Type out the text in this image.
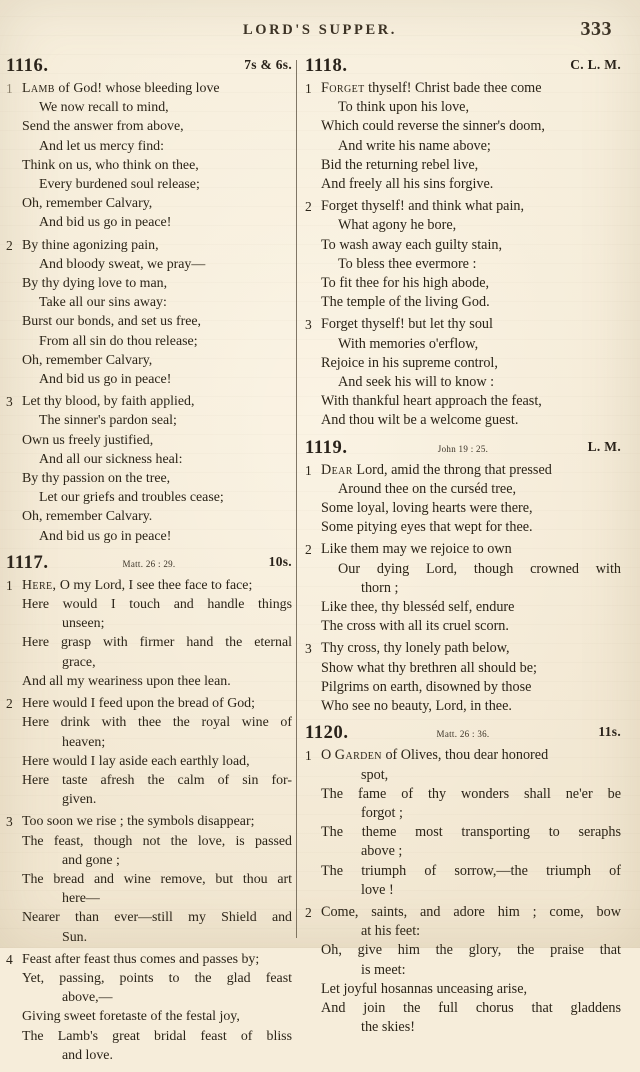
LORD'S SUPPER.	333
1116.	7s & 6s.
1 Lamb of God! whose bleeding love
We now recall to mind,
Send the answer from above,
And let us mercy find:
Think on us, who think on thee,
Every burdened soul release;
Oh, remember Calvary,
And bid us go in peace!
2 By thine agonizing pain,
And bloody sweat, we pray—
By thy dying love to man,
Take all our sins away:
Burst our bonds, and set us free,
From all sin do thou release;
Oh, remember Calvary,
And bid us go in peace!
3 Let thy blood, by faith applied,
The sinner's pardon seal;
Own us freely justified,
And all our sickness heal:
By thy passion on the tree,
Let our griefs and troubles cease;
Oh, remember Calvary.
And bid us go in peace!
1117.	Matt. 26 : 29.	10s.
1 Here, O my Lord, I see thee face to face;
Here would I touch and handle things
unseen;
Here grasp with firmer hand the eternal
grace,
And all my weariness upon thee lean.
2 Here would I feed upon the bread of God;
Here drink with thee the royal wine of
heaven;
Here would I lay aside each earthly load,
Here taste afresh the calm of sin for-
given.
3 Too soon we rise ; the symbols disappear;
The feast, though not the love, is passed
and gone ;
The bread and wine remove, but thou art
here—
Nearer than ever—still my Shield and
Sun.
4 Feast after feast thus comes and passes by;
Yet, passing, points to the glad feast
above,—
Giving sweet foretaste of the festal joy,
The Lamb's great bridal feast of bliss
and love.
1118.	C. L. M.
1 Forget thyself! Christ bade thee come
To think upon his love,
Which could reverse the sinner's doom,
And write his name above;
Bid the returning rebel live,
And freely all his sins forgive.
2 Forget thyself! and think what pain,
What agony he bore,
To wash away each guilty stain,
To bless thee evermore :
To fit thee for his high abode,
The temple of the living God.
3 Forget thyself! but let thy soul
With memories o'erflow,
Rejoice in his supreme control,
And seek his will to know :
With thankful heart approach the feast,
And thou wilt be a welcome guest.
1119.	John 19 : 25.	L. M.
1 Dear Lord, amid the throng that pressed
Around thee on the curséd tree,
Some loyal, loving hearts were there,
Some pitying eyes that wept for thee.
2 Like them may we rejoice to own
Our dying Lord, though crowned with
thorn ;
Like thee, thy blesséd self, endure
The cross with all its cruel scorn.
3 Thy cross, thy lonely path below,
Show what thy brethren all should be;
Pilgrims on earth, disowned by those
Who see no beauty, Lord, in thee.
1120.	Matt. 26 : 36.	11s.
1 O Garden of Olives, thou dear honored
spot,
The fame of thy wonders shall ne'er be
forgot ;
The theme most transporting to seraphs
above ;
The triumph of sorrow,—the triumph of
love !
2 Come, saints, and adore him ; come, bow
at his feet:
Oh, give him the glory, the praise that
is meet:
Let joyful hosannas unceasing arise,
And join the full chorus that gladdens
the skies!
